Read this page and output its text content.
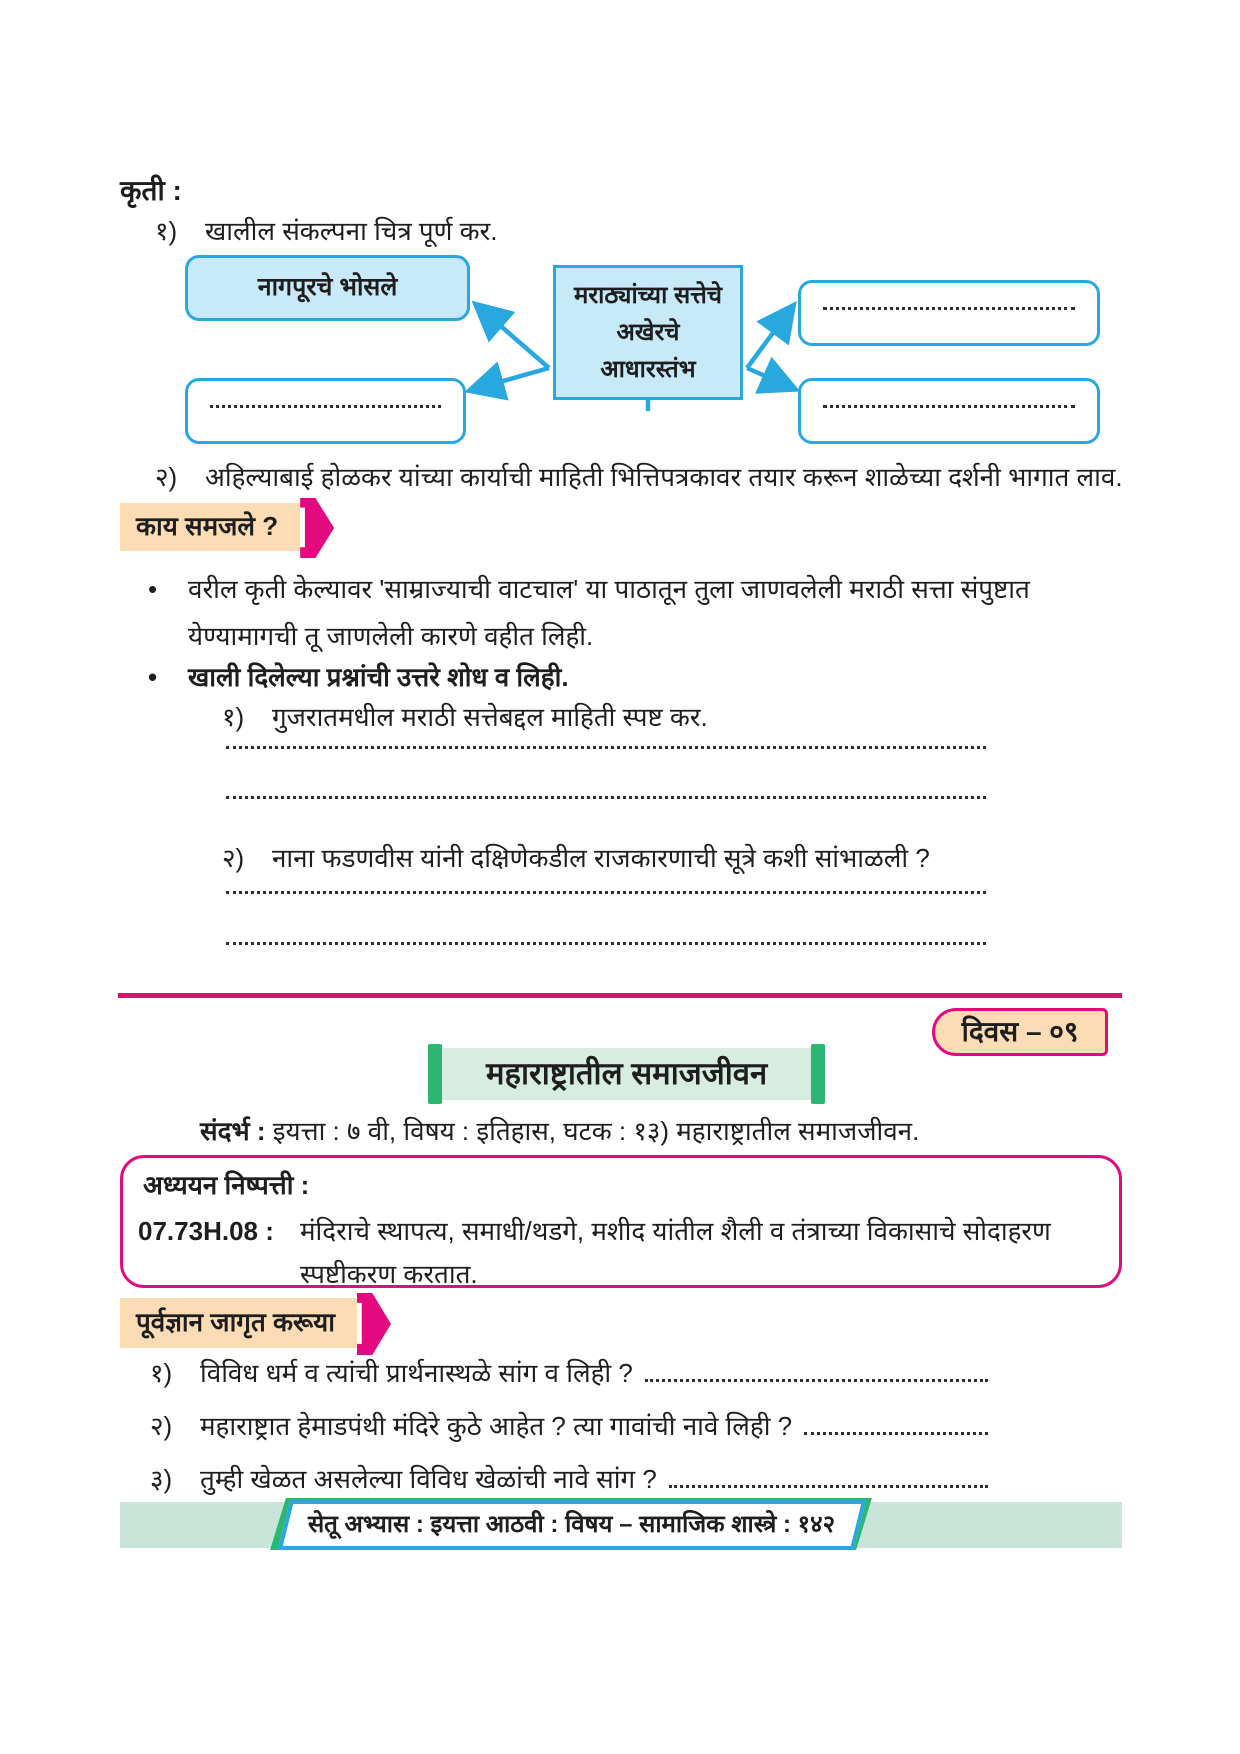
कृती :
१)	खालील संकल्पना चित्र पूर्ण कर.
नागपूरचे भोसले	मराठ्यांच्या सत्तेचे
अखेरचे
आधारस्तंभ
२)	अहिल्याबाई होळकर यांच्या कार्याची माहिती भित्तिपत्रकावर तयार करून शाळेच्या दर्शनी भागात लाव.
काय समजले ?
•	वरील कृती केल्यावर 'साम्राज्याची वाटचाल' या पाठातून तुला जाणवलेली मराठी सत्ता संपुष्टात येण्यामागची तू जाणलेली कारणे वहीत लिही.
•	खाली दिलेल्या प्रश्नांची उत्तरे शोध व लिही.
१)	गुजरातमधील मराठी सत्तेबद्दल माहिती स्पष्ट कर.
२)	नाना फडणवीस यांनी दक्षिणेकडील राजकारणाची सूत्रे कशी सांभाळली ?
दिवस – ०९
महाराष्ट्रातील समाजजीवन
संदर्भ : इयत्ता : ७ वी, विषय : इतिहास, घटक : १३) महाराष्ट्रातील समाजजीवन.
अध्ययन निष्पत्ती :
07.73H.08 :	मंदिराचे स्थापत्य, समाधी/थडगे, मशीद यांतील शैली व तंत्राच्या विकासाचे सोदाहरण स्पष्टीकरण करतात.
पूर्वज्ञान जागृत करूया
१)	विविध धर्म व त्यांची प्रार्थनास्थळे सांग व लिही ?
२)	महाराष्ट्रात हेमाडपंथी मंदिरे कुठे आहेत ? त्या गावांची नावे लिही ?
३)	तुम्ही खेळत असलेल्या विविध खेळांची नावे सांग ?
सेतू अभ्यास : इयत्ता आठवी : विषय – सामाजिक शास्त्रे : १४२
